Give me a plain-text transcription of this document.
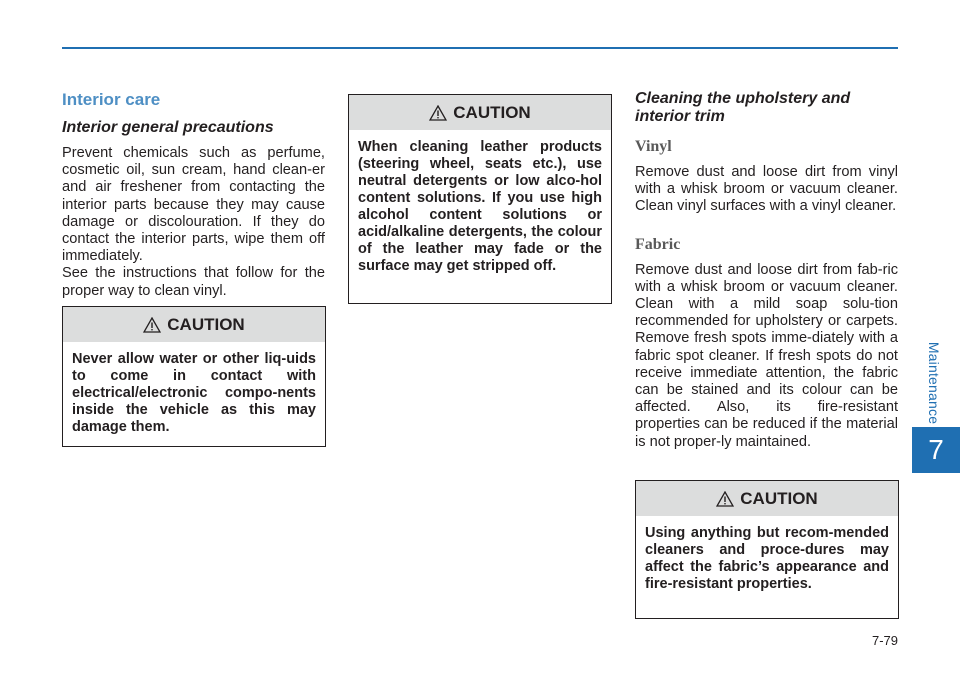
Maintenance
7
Interior care
Interior general precautions

Prevent chemicals such as perfume, cosmetic oil, sun cream, hand clean-er and air freshener from contacting the interior parts because they may cause damage or discolouration. If they do contact the interior parts, wipe them off immediately.

See the instructions that follow for the proper way to clean vinyl.

CAUTION
Never allow water or other liq-uids to come in contact with electrical/electronic compo-nents inside the vehicle as this may damage them.
CAUTION
When cleaning leather products (steering wheel, seats etc.), use neutral detergents or low alco-hol content solutions. If you use high alcohol content solutions or acid/alkaline detergents, the colour of the leather may fade or the surface may get stripped off.
Cleaning the upholstery and interior trim
Vinyl

Remove dust and loose dirt from vinyl with a whisk broom or vacuum cleaner. Clean vinyl surfaces with a vinyl cleaner.

Fabric

Remove dust and loose dirt from fab-ric with a whisk broom or vacuum cleaner. Clean with a mild soap solu-tion recommended for upholstery or carpets. Remove fresh spots imme-diately with a fabric spot cleaner. If fresh spots do not receive immediate attention, the fabric can be stained and its colour can be affected. Also, its fire-resistant properties can be reduced if the material is not proper-ly maintained.

CAUTION
Using anything but recom-mended cleaners and proce-dures may affect the fabric’s appearance and fire-resistant properties.
7-79
